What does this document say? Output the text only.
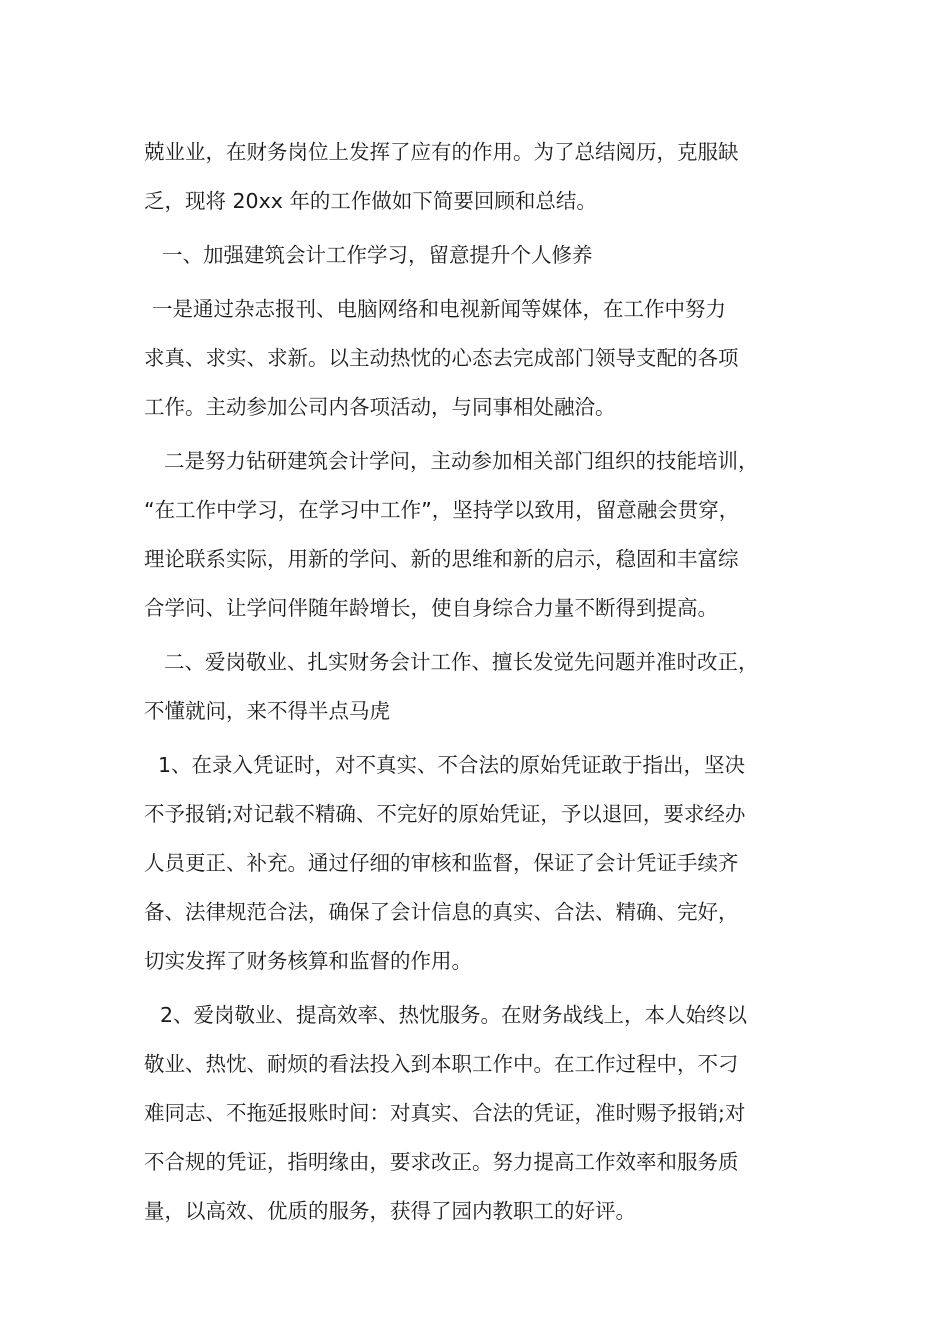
兢业业，在财务岗位上发挥了应有的作用。为了总结阅历，克服缺
乏，现将 20xx 年的工作做如下简要回顾和总结。
一、加强建筑会计工作学习，留意提升个人修养
一是通过杂志报刊、电脑网络和电视新闻等媒体，在工作中努力
求真、求实、求新。以主动热忱的心态去完成部门领导支配的各项
工作。主动参加公司内各项活动，与同事相处融洽。
二是努力钻研建筑会计学问，主动参加相关部门组织的技能培训，
“在工作中学习，在学习中工作”，坚持学以致用，留意融会贯穿，
理论联系实际，用新的学问、新的思维和新的启示，稳固和丰富综
合学问、让学问伴随年龄增长，使自身综合力量不断得到提高。
二、爱岗敬业、扎实财务会计工作、擅长发觉先问题并准时改正，
不懂就问，来不得半点马虎
1、在录入凭证时，对不真实、不合法的原始凭证敢于指出，坚决
不予报销;对记载不精确、不完好的原始凭证，予以退回，要求经办
人员更正、补充。通过仔细的审核和监督，保证了会计凭证手续齐
备、法律规范合法，确保了会计信息的真实、合法、精确、完好，
切实发挥了财务核算和监督的作用。
2、爱岗敬业、提高效率、热忱服务。在财务战线上，本人始终以
敬业、热忱、耐烦的看法投入到本职工作中。在工作过程中，不刁
难同志、不拖延报账时间：对真实、合法的凭证，准时赐予报销;对
不合规的凭证，指明缘由，要求改正。努力提高工作效率和服务质
量，以高效、优质的服务，获得了园内教职工的好评。
